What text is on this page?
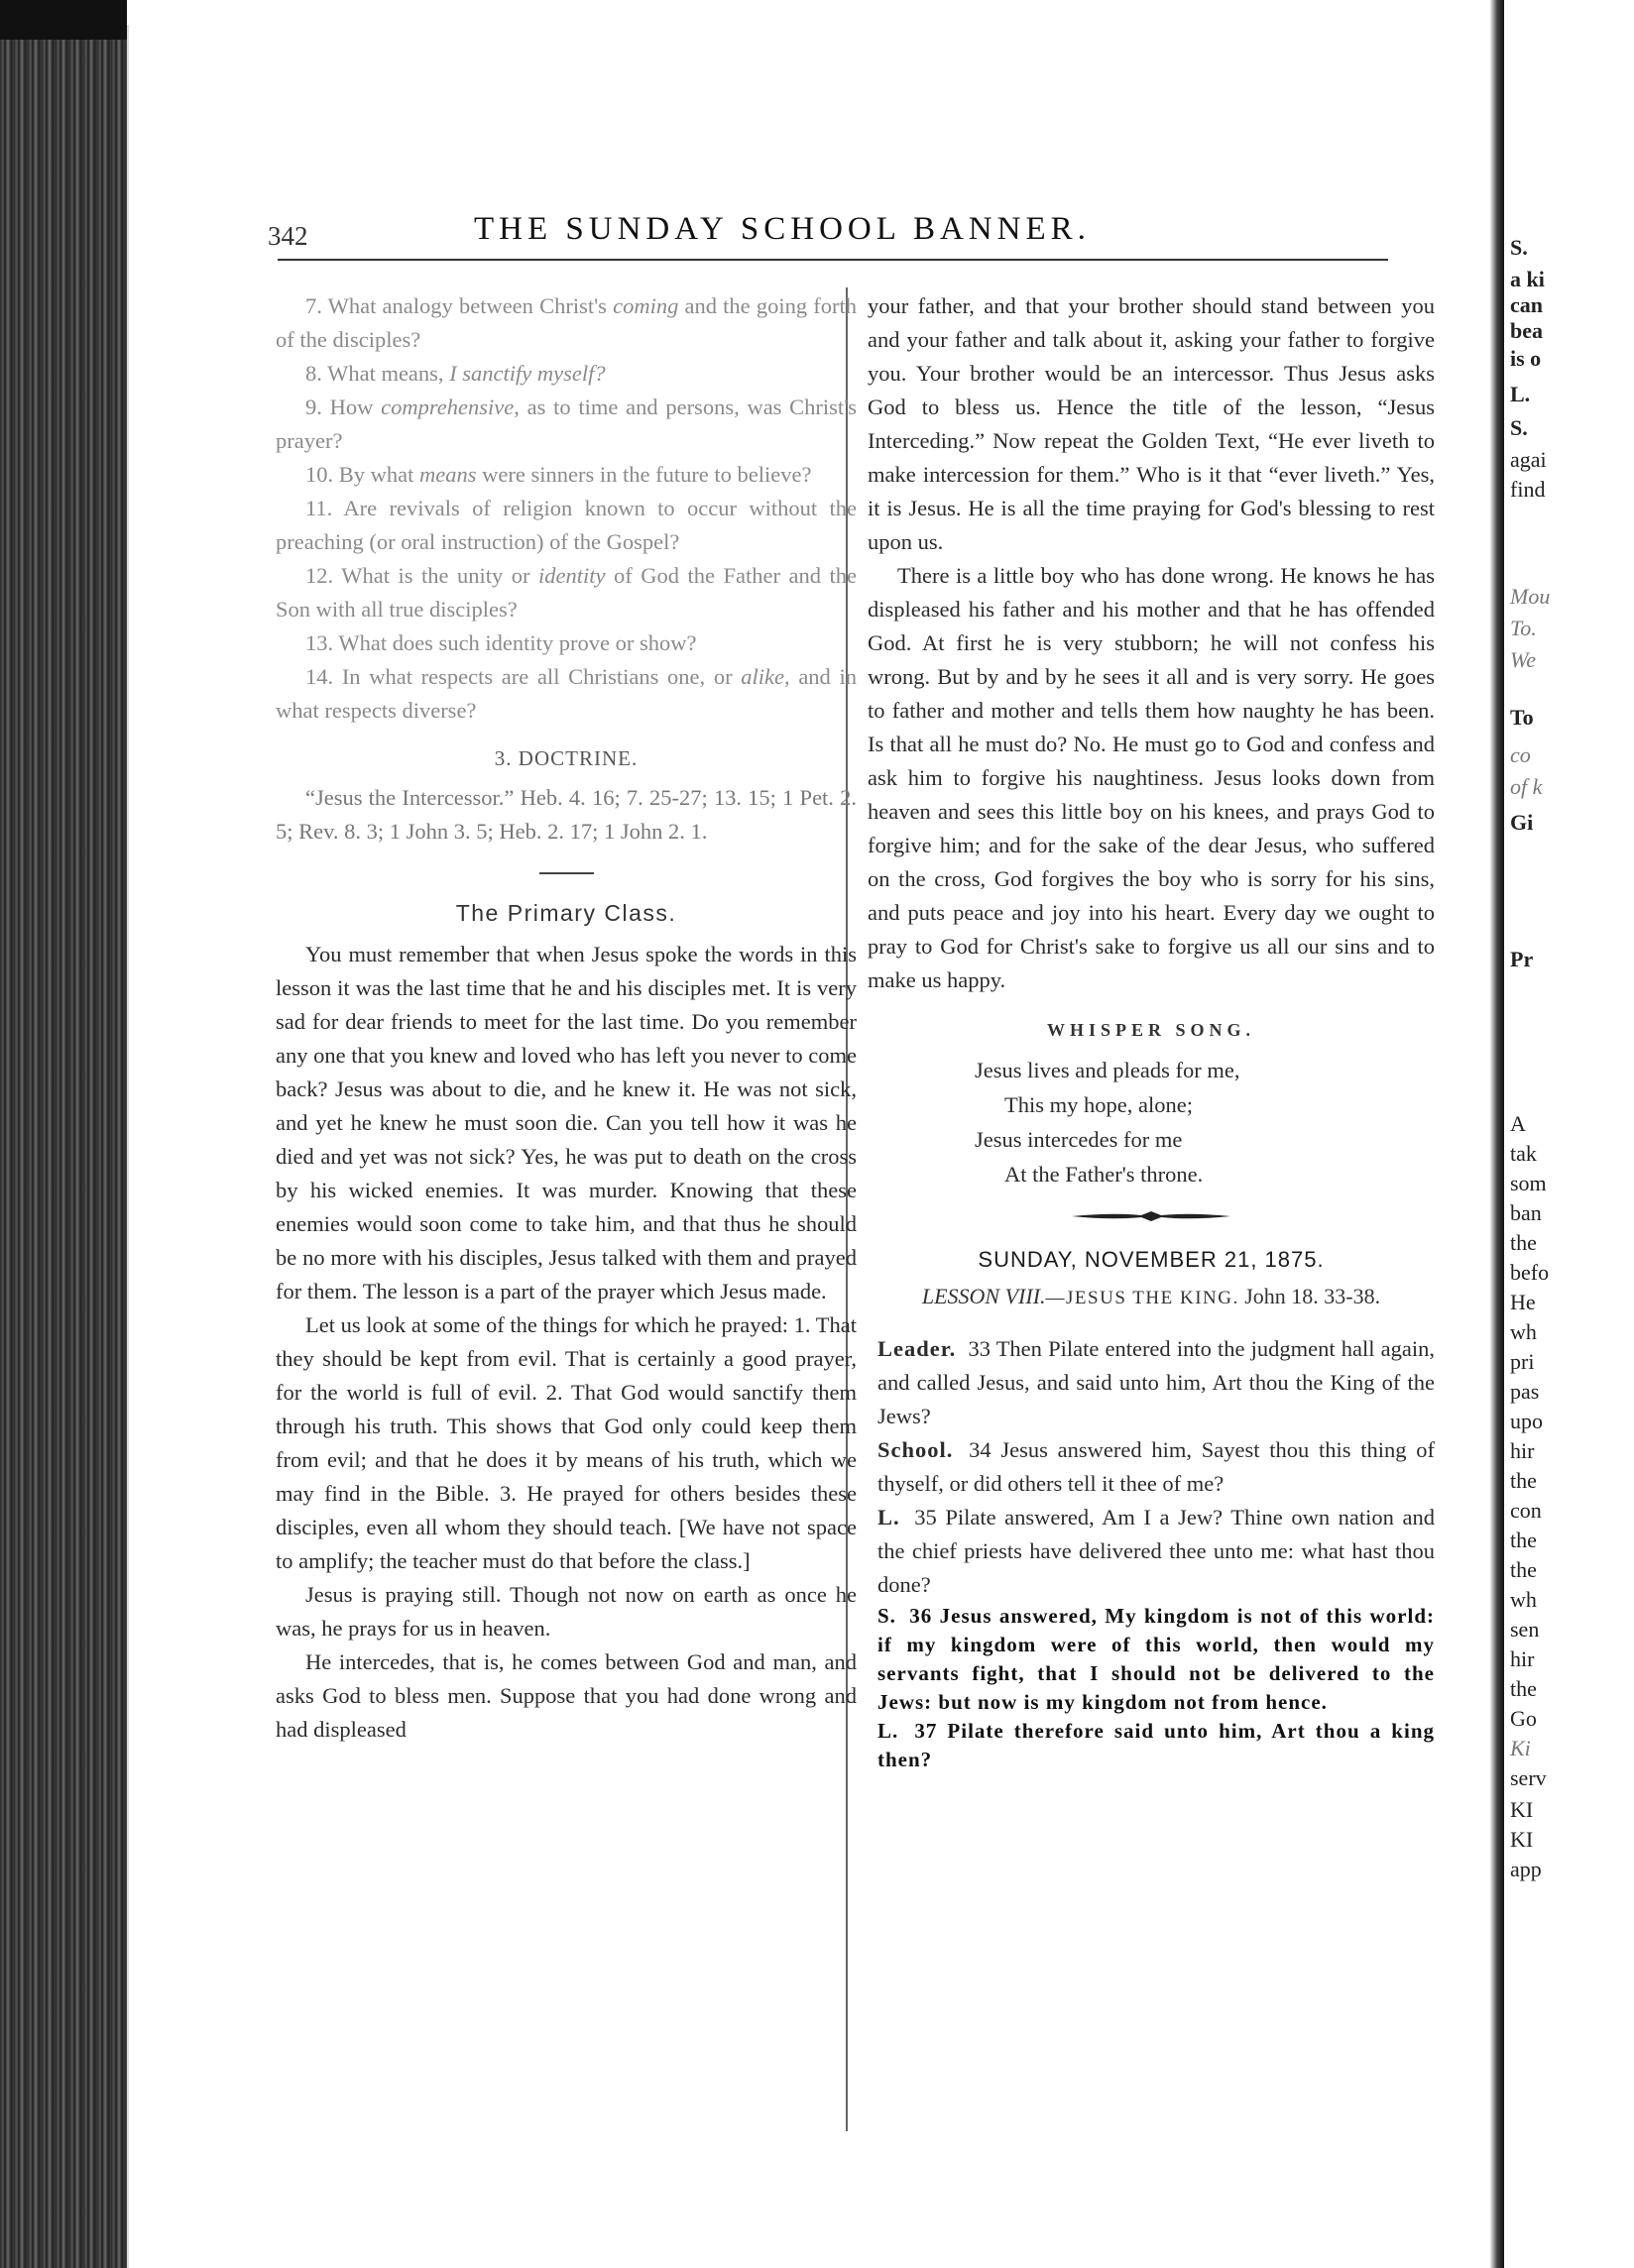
342	THE SUNDAY SCHOOL BANNER.

7. What analogy between Christ's coming and the going forth of the disciples?

8. What means, I sanctify myself?

9. How comprehensive, as to time and persons, was Christ's prayer?

10. By what means were sinners in the future to believe?

11. Are revivals of religion known to occur without the preaching (or oral instruction) of the Gospel?

12. What is the unity or identity of God the Father and the Son with all true disciples?

13. What does such identity prove or show?

14. In what respects are all Christians one, or alike, and in what respects diverse?

3. DOCTRINE.

“Jesus the Intercessor.” Heb. 4. 16; 7. 25-27; 13. 15; 1 Pet. 2. 5; Rev. 8. 3; 1 John 3. 5; Heb. 2. 17; 1 John 2. 1.

The Primary Class.

You must remember that when Jesus spoke the words in this lesson it was the last time that he and his disciples met. It is very sad for dear friends to meet for the last time. Do you remember any one that you knew and loved who has left you never to come back? Jesus was about to die, and he knew it. He was not sick, and yet he knew he must soon die. Can you tell how it was he died and yet was not sick? Yes, he was put to death on the cross by his wicked enemies. It was murder. Knowing that these enemies would soon come to take him, and that thus he should be no more with his disciples, Jesus talked with them and prayed for them. The lesson is a part of the prayer which Jesus made.

Let us look at some of the things for which he prayed: 1. That they should be kept from evil. That is certainly a good prayer, for the world is full of evil. 2. That God would sanctify them through his truth. This shows that God only could keep them from evil; and that he does it by means of his truth, which we may find in the Bible. 3. He prayed for others besides these disciples, even all whom they should teach. [We have not space to amplify; the teacher must do that before the class.]

Jesus is praying still. Though not now on earth as once he was, he prays for us in heaven.

He intercedes, that is, he comes between God and man, and asks God to bless men. Suppose that you had done wrong and had displeased

your father, and that your brother should stand between you and your father and talk about it, asking your father to forgive you. Your brother would be an intercessor. Thus Jesus asks God to bless us. Hence the title of the lesson, “Jesus Interceding.” Now repeat the Golden Text, “He ever liveth to make intercession for them.” Who is it that “ever liveth.” Yes, it is Jesus. He is all the time praying for God's blessing to rest upon us.

There is a little boy who has done wrong. He knows he has displeased his father and his mother and that he has offended God. At first he is very stubborn; he will not confess his wrong. But by and by he sees it all and is very sorry. He goes to father and mother and tells them how naughty he has been. Is that all he must do? No. He must go to God and confess and ask him to forgive his naughtiness. Jesus looks down from heaven and sees this little boy on his knees, and prays God to forgive him; and for the sake of the dear Jesus, who suffered on the cross, God forgives the boy who is sorry for his sins, and puts peace and joy into his heart. Every day we ought to pray to God for Christ's sake to forgive us all our sins and to make us happy.

WHISPER SONG.
Jesus lives and pleads for me,
This my hope, alone;
Jesus intercedes for me
At the Father's throne.
SUNDAY, NOVEMBER 21, 1875.
LESSON VIII.—JESUS THE KING. John 18. 33-38.

Leader. 33 Then Pilate entered into the judgment hall again, and called Jesus, and said unto him, Art thou the King of the Jews?

School. 34 Jesus answered him, Sayest thou this thing of thyself, or did others tell it thee of me?

L. 35 Pilate answered, Am I a Jew? Thine own nation and the chief priests have delivered thee unto me: what hast thou done?

S. 36 Jesus answered, My kingdom is not of this world: if my kingdom were of this world, then would my servants fight, that I should not be delivered to the Jews: but now is my kingdom not from hence.

L. 37 Pilate therefore said unto him, Art thou a king then?

S.
a ki
can
bea
is o
L.
S.
agai
find
Mou
To.
We
To
co
of k
Gi
Pr
A
tak
som
ban
the
befo
He
wh
pri
pas
upo
hir
the
con
the
the
wh
sen
hir
the
Go
Ki
serv
KI
KI
app
